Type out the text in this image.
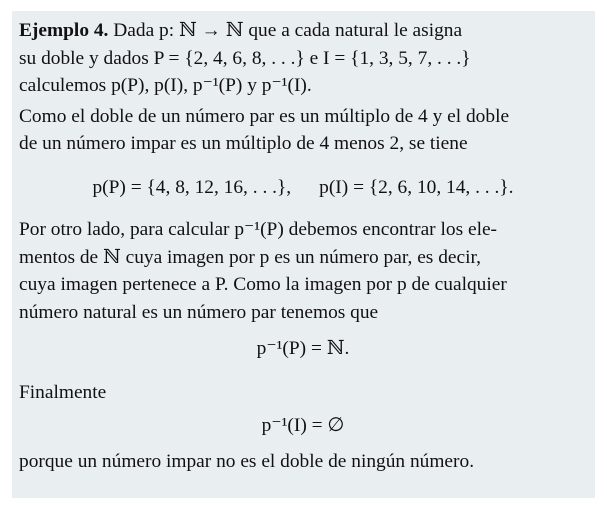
Ejemplo 4. Dada p: ℕ → ℕ que a cada natural le asigna
su doble y dados P = {2, 4, 6, 8, . . .} e I = {1, 3, 5, 7, . . .}
calculemos p(P), p(I), p⁻¹(P) y p⁻¹(I).

Como el doble de un número par es un múltiplo de 4 y el doble
de un número impar es un múltiplo de 4 menos 2, se tiene

p(P) = {4, 8, 12, 16, . . .}, p(I) = {2, 6, 10, 14, . . .}.

Por otro lado, para calcular p⁻¹(P) debemos encontrar los ele-
mentos de ℕ cuya imagen por p es un número par, es decir,
cuya imagen pertenece a P. Como la imagen por p de cualquier
número natural es un número par tenemos que

p⁻¹(P) = ℕ.

Finalmente

p⁻¹(I) = ∅

porque un número impar no es el doble de ningún número.
